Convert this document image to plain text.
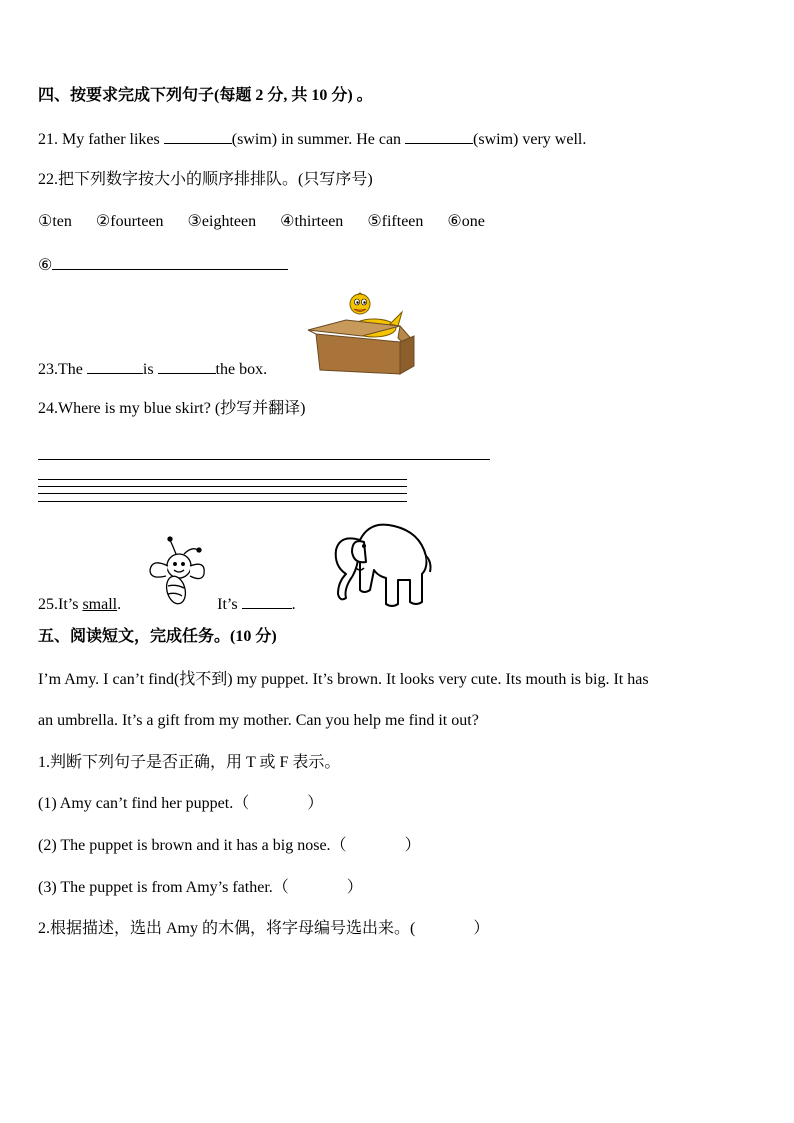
四、按要求完成下列句子(每题 2 分, 共 10 分) 。
21. My father likes	(swim) in summer. He can	(swim) very well.
22.把下列数字按大小的顺序排排队。(只写序号)
①ten ②fourteen ③eighteen ④thirteen ⑤fifteen ⑥one
⑥
23.The	is	the box.
24.Where is my blue skirt? (抄写并翻译)
25.It’s small.	It’s	.
五、阅读短文，完成任务。(10 分)
I’m Amy. I can’t find(找不到) my puppet. It’s brown. It looks very cute. Its mouth is big. It has
an umbrella. It’s a gift from my mother. Can you help me find it out?
1.判断下列句子是否正确，用 T 或 F 表示。
(1) Amy can’t find her puppet.（	）
(2) The puppet is brown and it has a big nose.（	）
(3) The puppet is from Amy’s father.（	）
2.根据描述，选出 Amy 的木偶，将字母编号选出来。(	）
